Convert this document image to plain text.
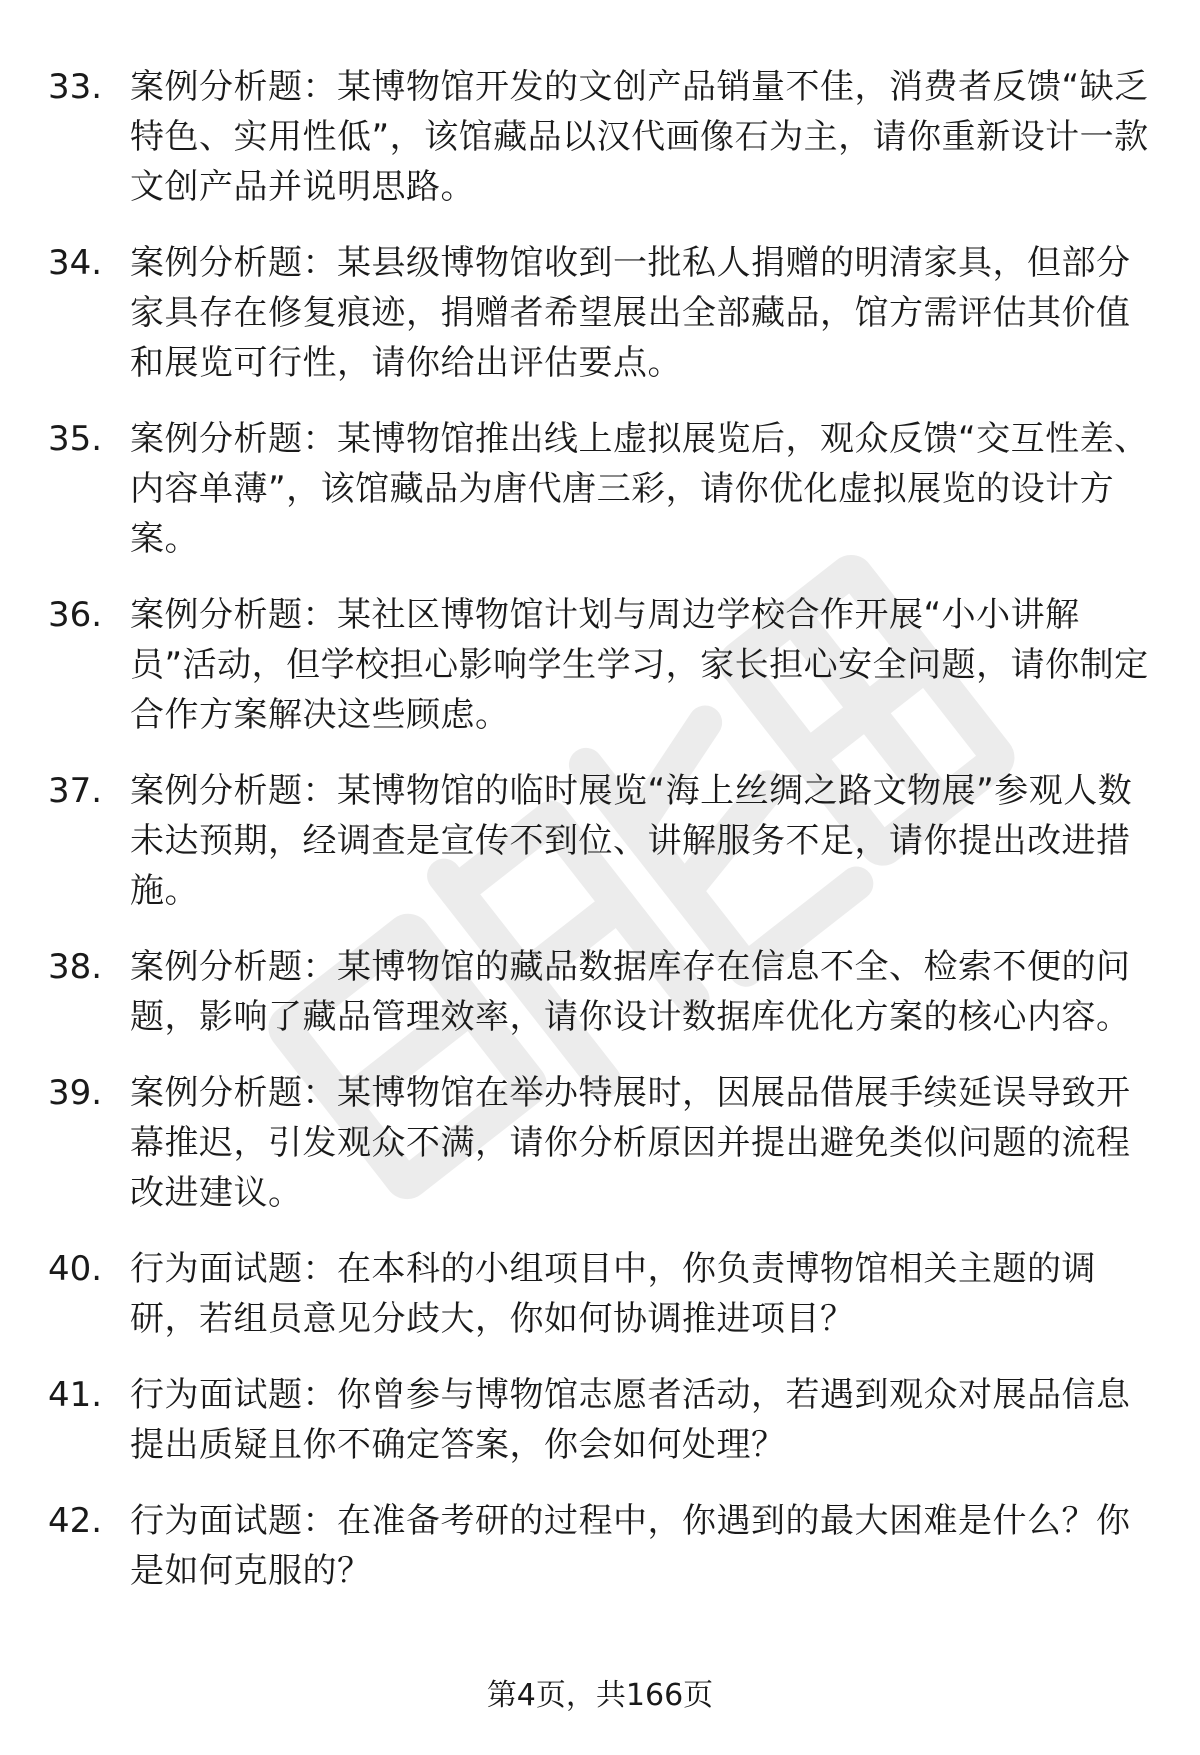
33. 案例分析题：某博物馆开发的文创产品销量不佳，消费者反馈“缺乏特色、实用性低”，该馆藏品以汉代画像石为主，请你重新设计一款文创产品并说明思路。
34. 案例分析题：某县级博物馆收到一批私人捐赠的明清家具，但部分家具存在修复痕迹，捐赠者希望展出全部藏品，馆方需评估其价值和展览可行性，请你给出评估要点。
35. 案例分析题：某博物馆推出线上虚拟展览后，观众反馈“交互性差、内容单薄”，该馆藏品为唐代唐三彩，请你优化虚拟展览的设计方案。
36. 案例分析题：某社区博物馆计划与周边学校合作开展“小小讲解员”活动，但学校担心影响学生学习，家长担心安全问题，请你制定合作方案解决这些顾虑。
37. 案例分析题：某博物馆的临时展览“海上丝绸之路文物展”参观人数未达预期，经调查是宣传不到位、讲解服务不足，请你提出改进措施。
38. 案例分析题：某博物馆的藏品数据库存在信息不全、检索不便的问题，影响了藏品管理效率，请你设计数据库优化方案的核心内容。
39. 案例分析题：某博物馆在举办特展时，因展品借展手续延误导致开幕推迟，引发观众不满，请你分析原因并提出避免类似问题的流程改进建议。
40. 行为面试题：在本科的小组项目中，你负责博物馆相关主题的调研，若组员意见分歧大，你如何协调推进项目？
41. 行为面试题：你曾参与博物馆志愿者活动，若遇到观众对展品信息提出质疑且你不确定答案，你会如何处理？
42. 行为面试题：在准备考研的过程中，你遇到的最大困难是什么？你是如何克服的？
第4页，共166页
